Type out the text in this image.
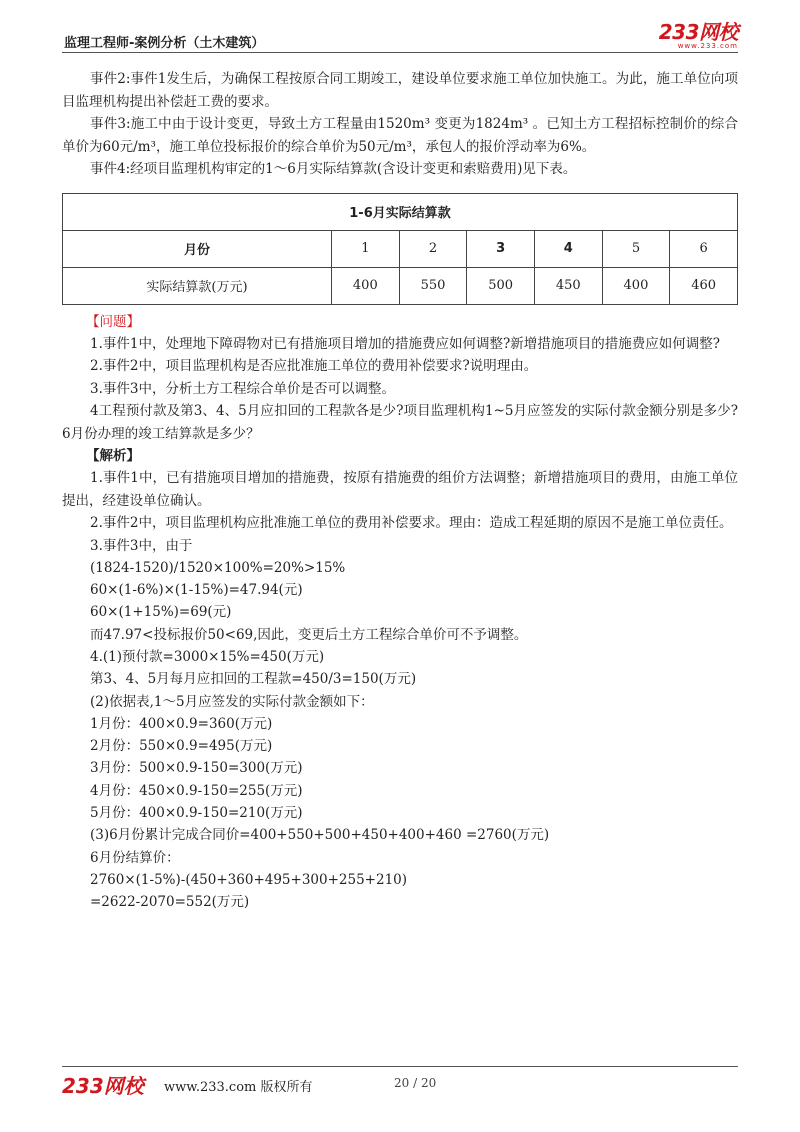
监理工程师-案例分析（土木建筑）	233网校
www.233.com

事件2:事件1发生后，为确保工程按原合同工期竣工，建设单位要求施工单位加快施工。为此，施工单位向项目监理机构提出补偿赶工费的要求。

事件3:施工中由于设计变更，导致土方工程量由1520m³ 变更为1824m³ 。已知土方工程招标控制价的综合单价为60元/m³，施工单位投标报价的综合单价为50元/m³，承包人的报价浮动率为6%。

事件4:经项目监理机构审定的1～6月实际结算款(含设计变更和索赔费用)见下表。

1-6月实际结算款						
月份	1	2	3	4	5	6
实际结算款(万元)	400	550	500	450	400	460
【问题】

1.事件1中，处理地下障碍物对已有措施项目增加的措施费应如何调整?新增措施项目的措施费应如何调整?

2.事件2中，项目监理机构是否应批准施工单位的费用补偿要求?说明理由。

3.事件3中，分析土方工程综合单价是否可以调整。

4工程预付款及第3、4、5月应扣回的工程款各是少?项目监理机构1~5月应签发的实际付款金额分别是多少?6月份办理的竣工结算款是多少？

【解析】

1.事件1中，已有措施项目增加的措施费，按原有措施费的组价方法调整；新增措施项目的费用，由施工单位提出，经建设单位确认。

2.事件2中，项目监理机构应批准施工单位的费用补偿要求。理由：造成工程延期的原因不是施工单位责任。

3.事件3中，由于

(1824-1520)/1520×100%=20%>15%

60×(1-6%)×(1-15%)=47.94(元)

60×(1+15%)=69(元)

而47.97<投标报价50<69,因此，变更后土方工程综合单价可不予调整。

4.(1)预付款=3000×15%=450(万元)

第3、4、5月每月应扣回的工程款=450/3=150(万元)

(2)依据表,1～5月应签发的实际付款金额如下：

1月份：400×0.9=360(万元)

2月份：550×0.9=495(万元)

3月份：500×0.9-150=300(万元)

4月份：450×0.9-150=255(万元)

5月份：400×0.9-150=210(万元)

(3)6月份累计完成合同价=400+550+500+450+400+460 =2760(万元)

6月份结算价：

2760×(1-5%)-(450+360+495+300+255+210)

=2622-2070=552(万元)

233网校 www.233.com 版权所有	20 / 20
